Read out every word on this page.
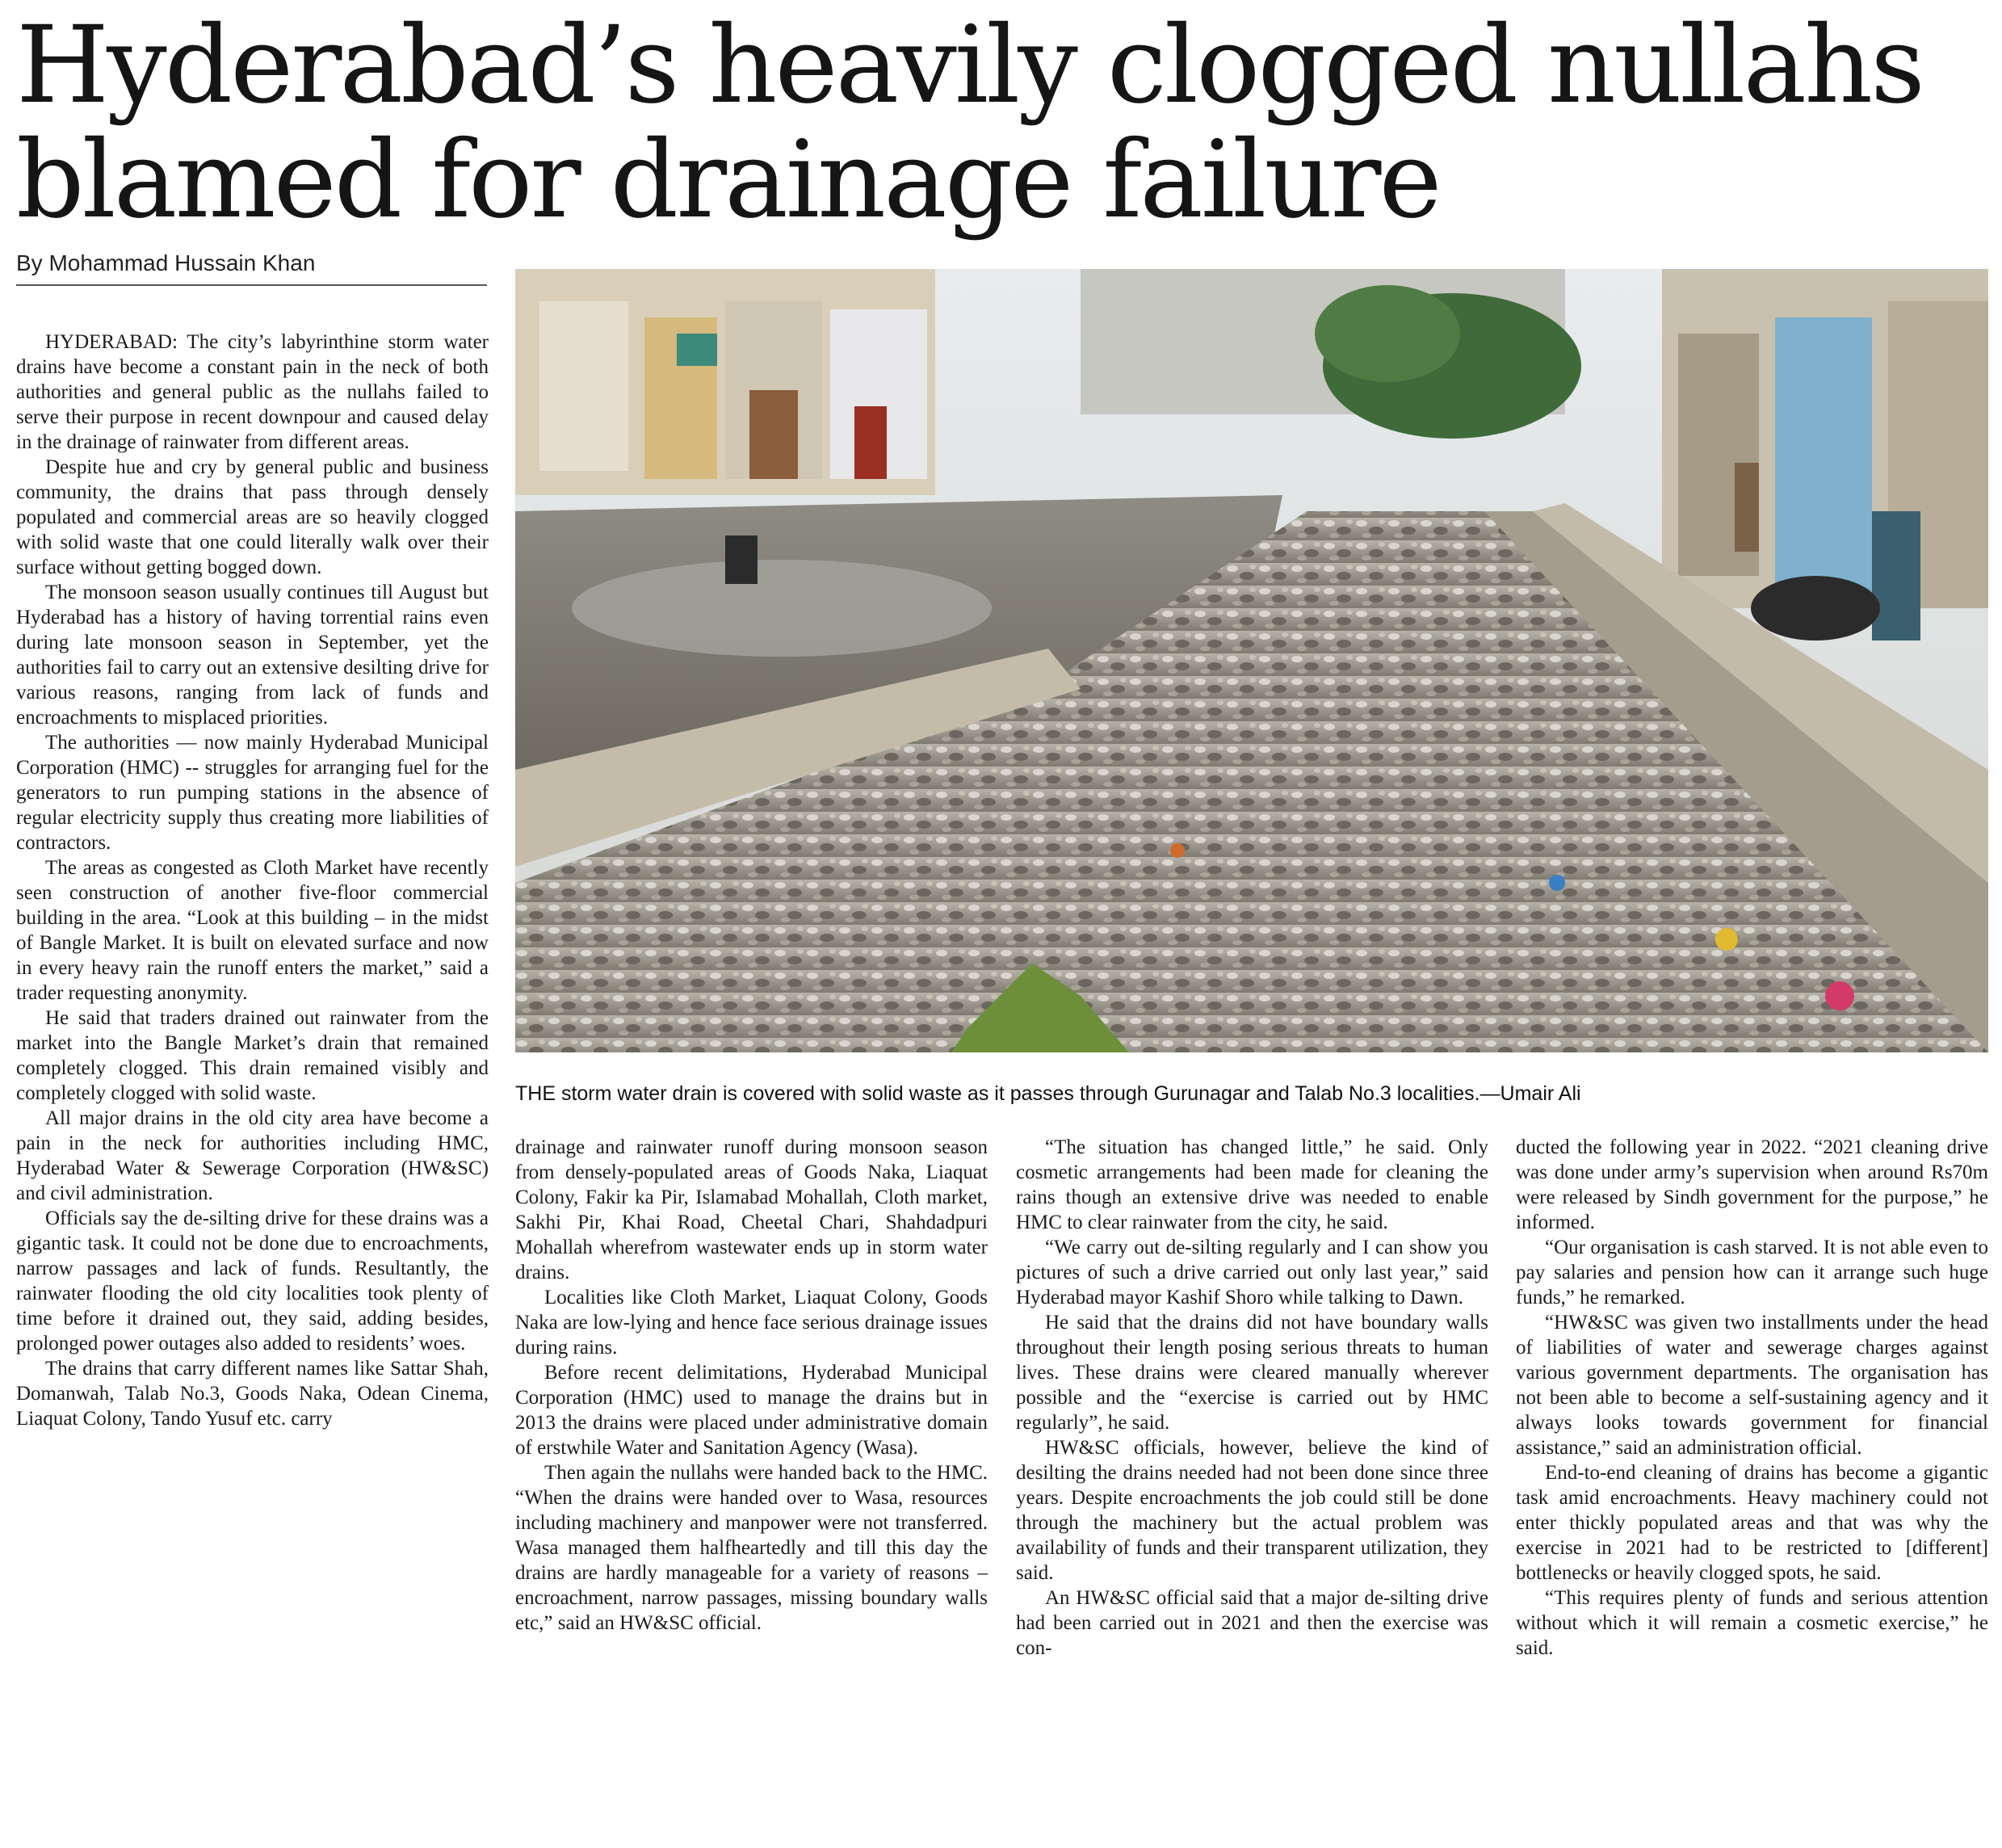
Hyderabad’s heavily clogged nullahs blamed for drainage failure
By Mohammad Hussain Khan
THE storm water drain is covered with solid waste as it passes through Gurunagar and Talab No.3 localities.—Umair Ali

HYDERABAD: The city’s labyrinthine storm water drains have become a constant pain in the neck of both authorities and general public as the nullahs failed to serve their purpose in recent downpour and caused delay in the drainage of rainwater from different areas.

Despite hue and cry by general public and business community, the drains that pass through densely populated and commercial areas are so heavily clogged with solid waste that one could literally walk over their surface without getting bogged down.

The monsoon season usually continues till August but Hyderabad has a history of having torrential rains even during late monsoon season in September, yet the authorities fail to carry out an extensive desilting drive for various reasons, ranging from lack of funds and encroachments to misplaced priorities.

The authorities — now mainly Hyderabad Municipal Corporation (HMC) -- struggles for arranging fuel for the generators to run pumping stations in the absence of regular electricity supply thus creating more liabilities of contractors.

The areas as congested as Cloth Market have recently seen construction of another five-floor commercial building in the area. “Look at this building – in the midst of Bangle Market. It is built on elevated surface and now in every heavy rain the runoff enters the market,” said a trader requesting anonymity.

He said that traders drained out rainwater from the market into the Bangle Market’s drain that remained completely clogged. This drain remained visibly and completely clogged with solid waste.

All major drains in the old city area have become a pain in the neck for authorities including HMC, Hyderabad Water & Sewerage Corporation (HW&SC) and civil administration.

Officials say the de-silting drive for these drains was a gigantic task. It could not be done due to encroachments, narrow passages and lack of funds. Resultantly, the rainwater flooding the old city localities took plenty of time before it drained out, they said, adding besides, prolonged power outages also added to residents’ woes.

The drains that carry different names like Sattar Shah, Domanwah, Talab No.3, Goods Naka, Odean Cinema, Liaquat Colony, Tando Yusuf etc. carry

drainage and rainwater runoff during monsoon season from densely-populated areas of Goods Naka, Liaquat Colony, Fakir ka Pir, Islamabad Mohallah, Cloth market, Sakhi Pir, Khai Road, Cheetal Chari, Shahdadpuri Mohallah wherefrom wastewater ends up in storm water drains.

Localities like Cloth Market, Liaquat Colony, Goods Naka are low-lying and hence face serious drainage issues during rains.

Before recent delimitations, Hyderabad Municipal Corporation (HMC) used to manage the drains but in 2013 the drains were placed under administrative domain of erstwhile Water and Sanitation Agency (Wasa).

Then again the nullahs were handed back to the HMC. “When the drains were handed over to Wasa, resources including machinery and manpower were not transferred. Wasa managed them halfheartedly and till this day the drains are hardly manageable for a variety of reasons – encroachment, narrow passages, missing boundary walls etc,” said an HW&SC official.

“The situation has changed little,” he said. Only cosmetic arrangements had been made for cleaning the rains though an extensive drive was needed to enable HMC to clear rainwater from the city, he said.

“We carry out de-silting regularly and I can show you pictures of such a drive carried out only last year,” said Hyderabad mayor Kashif Shoro while talking to Dawn.

He said that the drains did not have boundary walls throughout their length posing serious threats to human lives. These drains were cleared manually wherever possible and the “exercise is carried out by HMC regularly”, he said.

HW&SC officials, however, believe the kind of desilting the drains needed had not been done since three years. Despite encroachments the job could still be done through the machinery but the actual problem was availability of funds and their transparent utilization, they said.

An HW&SC official said that a major de-silting drive had been carried out in 2021 and then the exercise was con-

ducted the following year in 2022. “2021 cleaning drive was done under army’s supervision when around Rs70m were released by Sindh government for the purpose,” he informed.

“Our organisation is cash starved. It is not able even to pay salaries and pension how can it arrange such huge funds,” he remarked.

“HW&SC was given two installments under the head of liabilities of water and sewerage charges against various government departments. The organisation has not been able to become a self-sustaining agency and it always looks towards government for financial assistance,” said an administration official.

End-to-end cleaning of drains has become a gigantic task amid encroachments. Heavy machinery could not enter thickly populated areas and that was why the exercise in 2021 had to be restricted to [different] bottlenecks or heavily clogged spots, he said.

“This requires plenty of funds and serious attention without which it will remain a cosmetic exercise,” he said.
